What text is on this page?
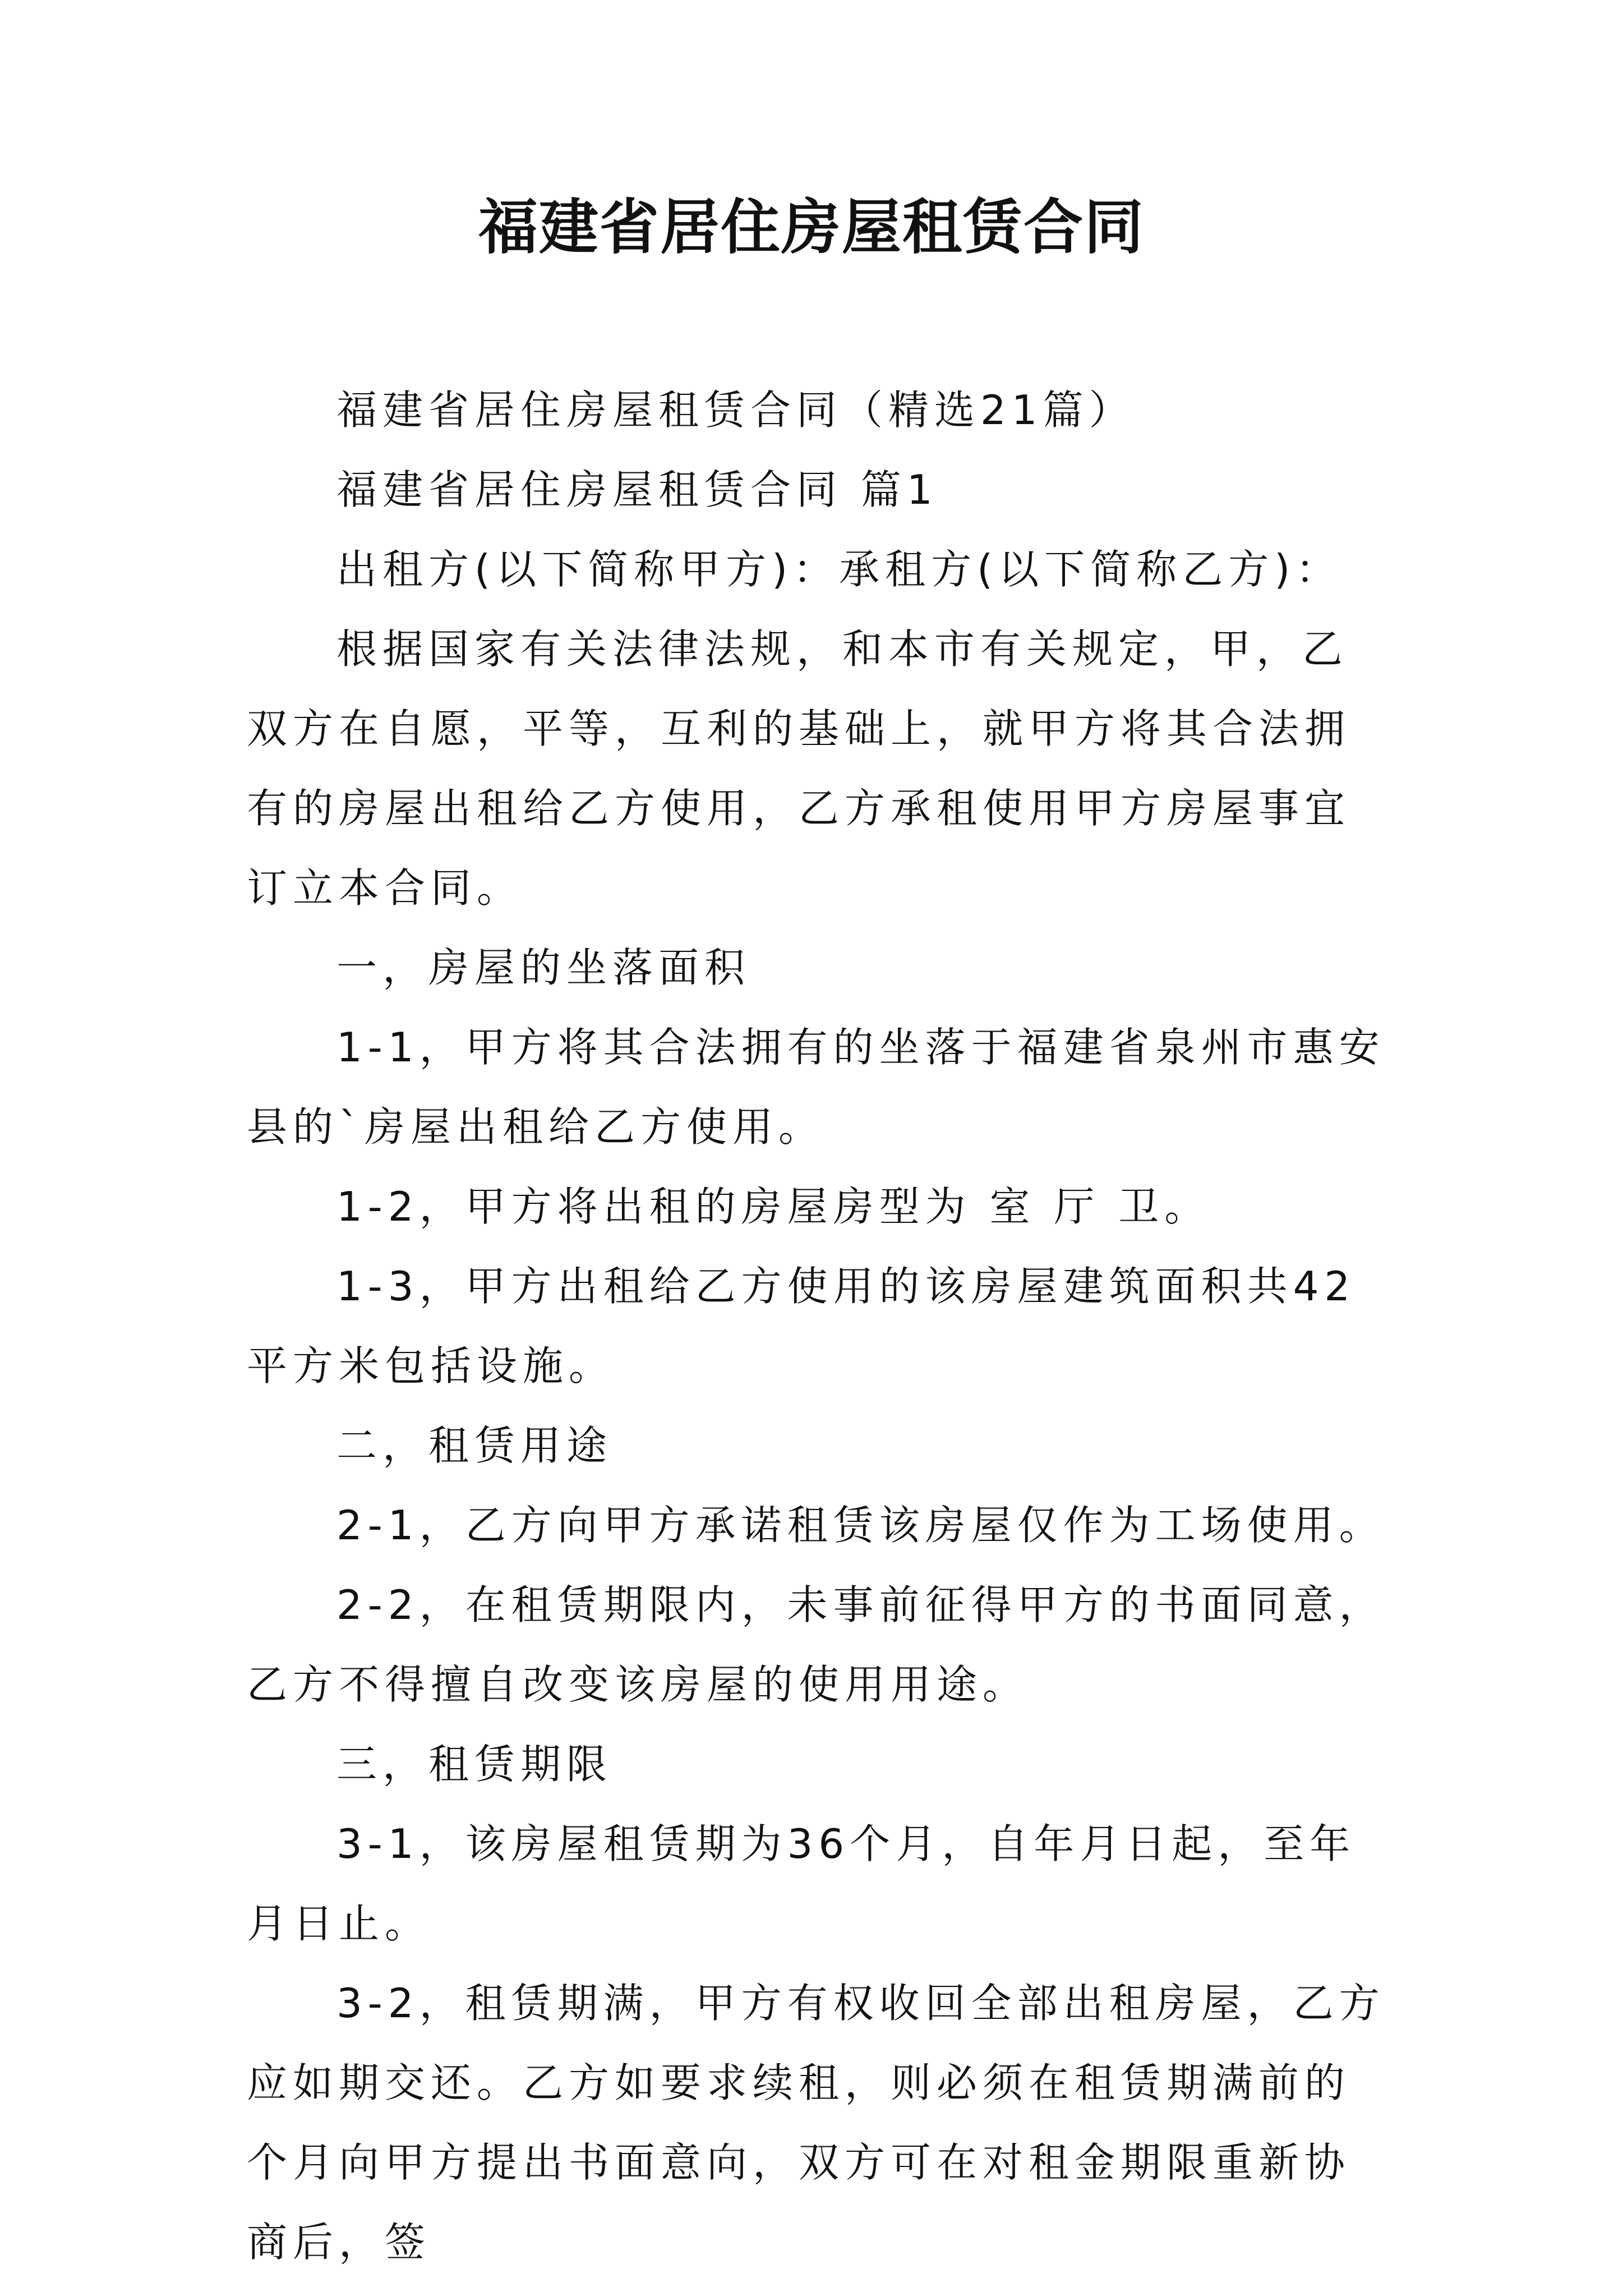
福建省居住房屋租赁合同

福建省居住房屋租赁合同（精选21篇）

福建省居住房屋租赁合同 篇1

出租方(以下简称甲方)：承租方(以下简称乙方)：

根据国家有关法律法规，和本市有关规定，甲，乙双方在自愿，平等，互利的基础上，就甲方将其合法拥有的房屋出租给乙方使用，乙方承租使用甲方房屋事宜订立本合同。

一，房屋的坐落面积

1-1，甲方将其合法拥有的坐落于福建省泉州市惠安县的`房屋出租给乙方使用。

1-2，甲方将出租的房屋房型为 室 厅 卫。

1-3，甲方出租给乙方使用的该房屋建筑面积共42平方米包括设施。

二，租赁用途

2-1，乙方向甲方承诺租赁该房屋仅作为工场使用。

2-2，在租赁期限内，未事前征得甲方的书面同意，乙方不得擅自改变该房屋的使用用途。

三，租赁期限

3-1，该房屋租赁期为36个月，自年月日起，至年月日止。

3-2，租赁期满，甲方有权收回全部出租房屋，乙方应如期交还。乙方如要求续租，则必须在租赁期满前的 个月向甲方提出书面意向，双方可在对租金期限重新协商后，签
